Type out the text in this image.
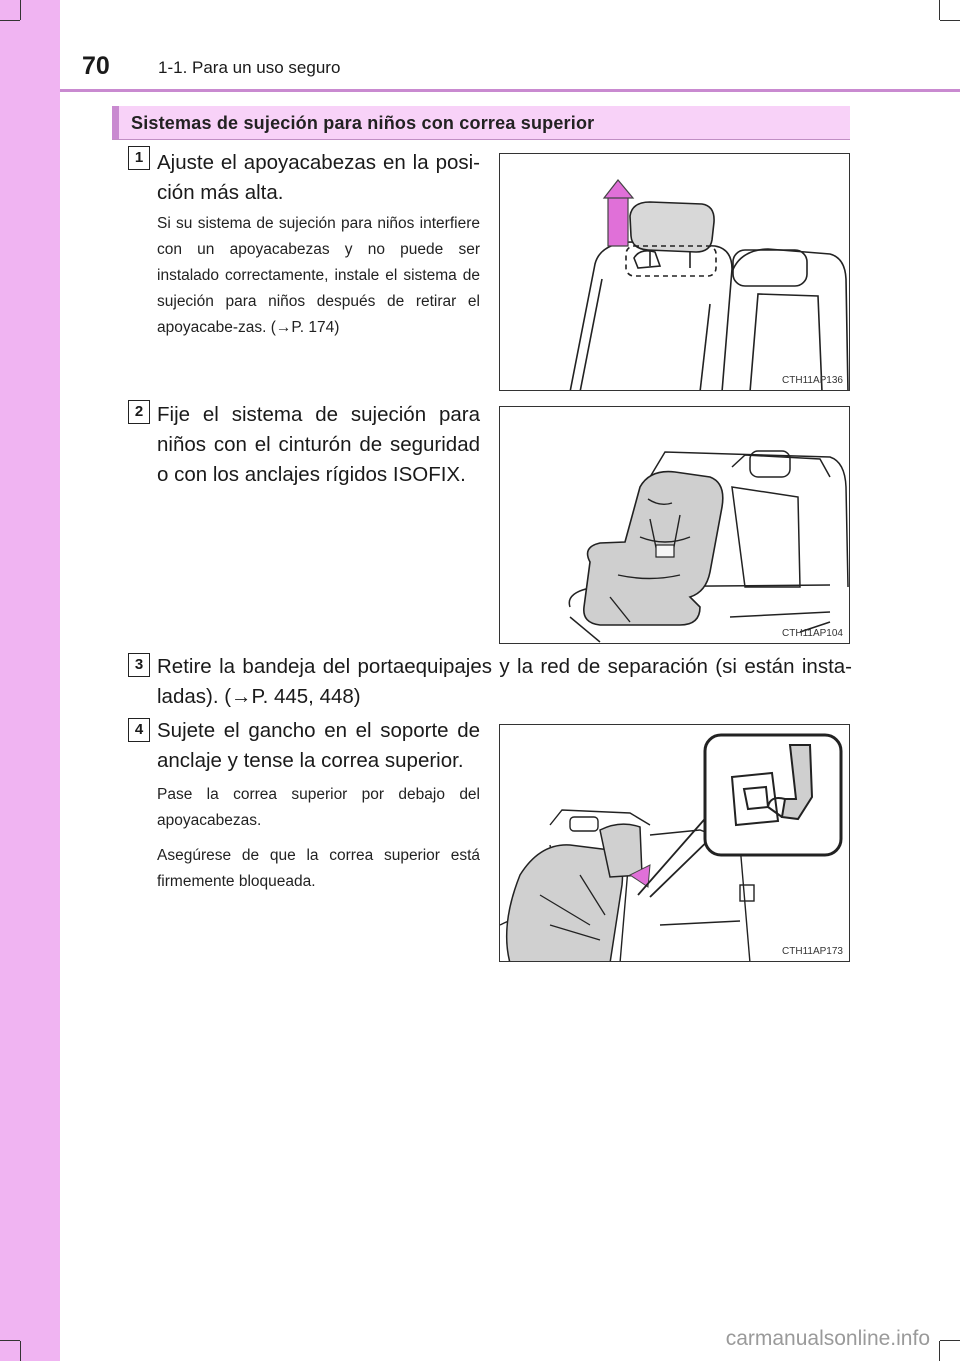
70	1-1. Para un uso seguro
Sistemas de sujeción para niños con correa superior
1 Ajuste el apoyacabezas en la posi-ción más alta.
Si su sistema de sujeción para niños interfiere con un apoyacabezas y no puede ser instalado correctamente, instale el sistema de sujeción para niños después de retirar el apoyacabe-zas. (→P. 174)
CTH11AP136
2 Fije el sistema de sujeción para niños con el cinturón de seguridad o con los anclajes rígidos ISOFIX.
CTH11AP104
3 Retire la bandeja del portaequipajes y la red de separación (si están insta-ladas). (→P. 445, 448)
4 Sujete el gancho en el soporte de anclaje y tense la correa superior.
Pase la correa superior por debajo del apoyacabezas.
Asegúrese de que la correa superior está firmemente bloqueada.
CTH11AP173
carmanualsonline.info
